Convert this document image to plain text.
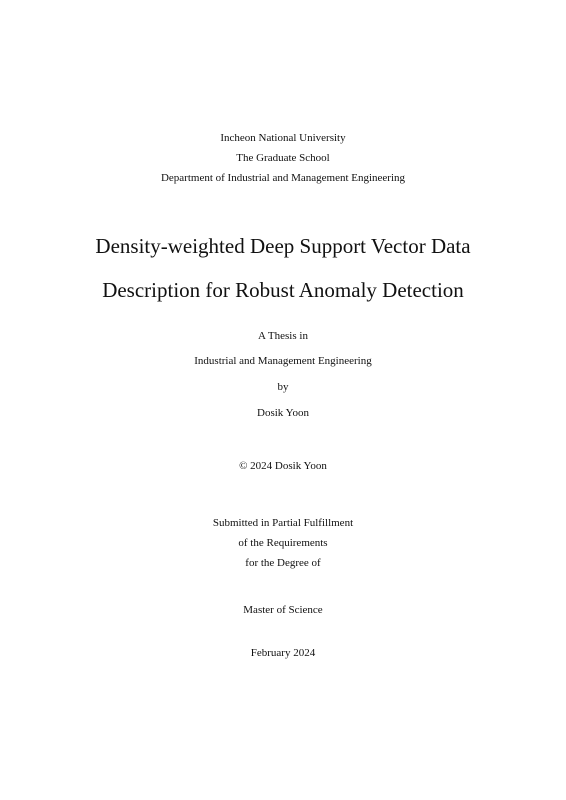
Incheon National University
The Graduate School
Department of Industrial and Management Engineering
Density-weighted Deep Support Vector Data
Description for Robust Anomaly Detection
A Thesis in
Industrial and Management Engineering
by
Dosik Yoon
© 2024 Dosik Yoon
Submitted in Partial Fulfillment
of the Requirements
for the Degree of
Master of Science
February 2024
